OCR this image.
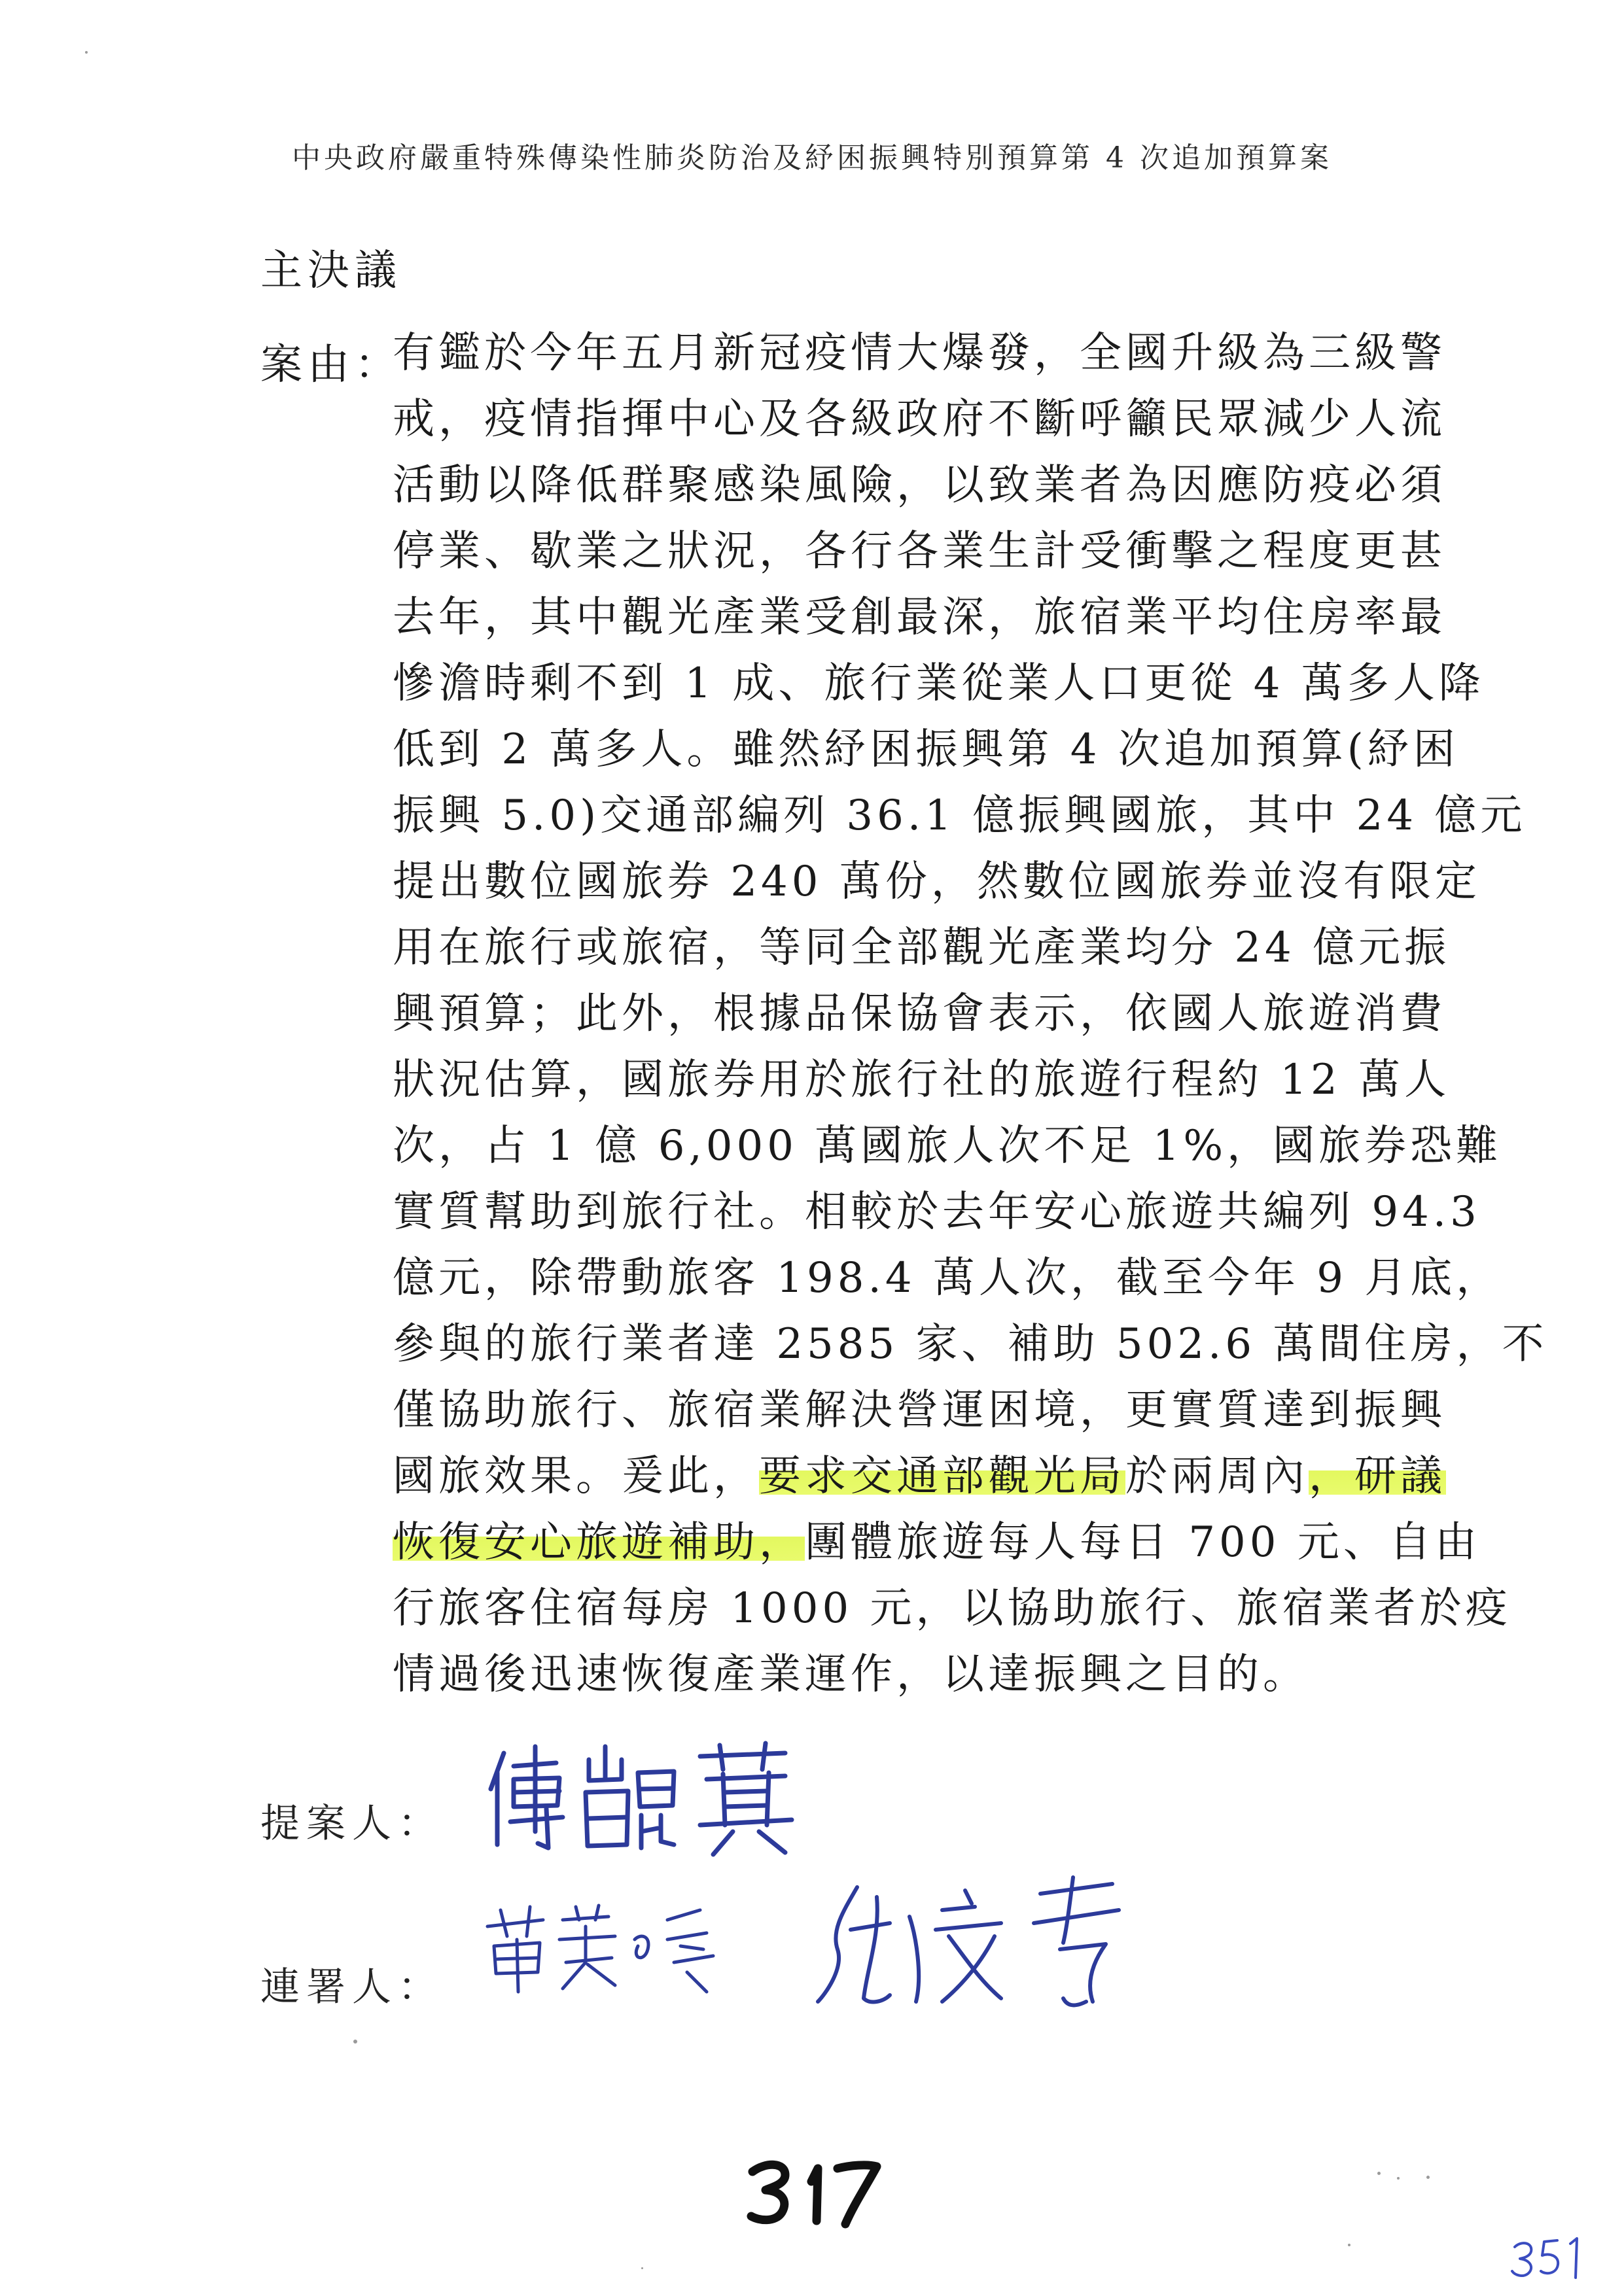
中央政府嚴重特殊傳染性肺炎防治及紓困振興特別預算第 4 次追加預算案
主決議
案由：
有鑑於今年五月新冠疫情大爆發，全國升級為三級警
戒，疫情指揮中心及各級政府不斷呼籲民眾減少人流
活動以降低群聚感染風險，以致業者為因應防疫必須
停業、歇業之狀況，各行各業生計受衝擊之程度更甚
去年，其中觀光產業受創最深，旅宿業平均住房率最
慘澹時剩不到 1 成、旅行業從業人口更從 4 萬多人降
低到 2 萬多人。雖然紓困振興第 4 次追加預算(紓困
振興 5.0)交通部編列 36.1 億振興國旅，其中 24 億元
提出數位國旅券 240 萬份，然數位國旅券並沒有限定
用在旅行或旅宿，等同全部觀光產業均分 24 億元振
興預算；此外，根據品保協會表示，依國人旅遊消費
狀況估算，國旅券用於旅行社的旅遊行程約 12 萬人
次，占 1 億 6,000 萬國旅人次不足 1%，國旅券恐難
實質幫助到旅行社。相較於去年安心旅遊共編列 94.3
億元，除帶動旅客 198.4 萬人次，截至今年 9 月底，
參與的旅行業者達 2585 家、補助 502.6 萬間住房，不
僅協助旅行、旅宿業解決營運困境，更實質達到振興
國旅效果。爰此，要求交通部觀光局於兩周內，研議
恢復安心旅遊補助，團體旅遊每人每日 700 元、自由
行旅客住宿每房 1000 元，以協助旅行、旅宿業者於疫
情過後迅速恢復產業運作，以達振興之目的。
提案人：
連署人：
